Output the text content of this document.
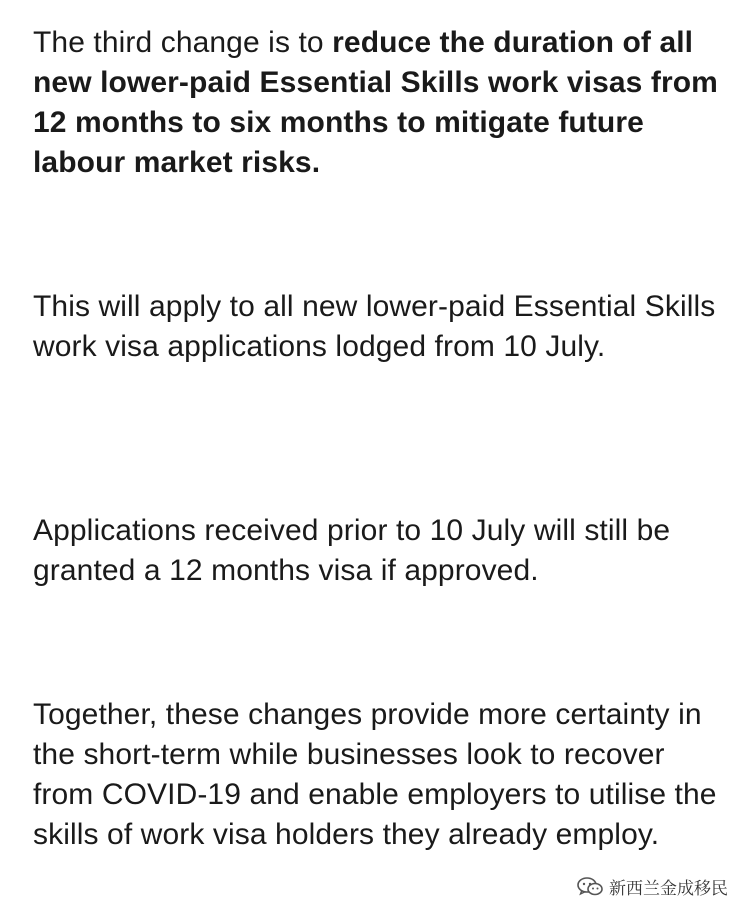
The third change is to reduce the duration of all new lower-paid Essential Skills work visas from 12 months to six months to mitigate future labour market risks.

This will apply to all new lower-paid Essential Skills work visa applications lodged from 10 July.

Applications received prior to 10 July will still be granted a 12 months visa if approved.

Together, these changes provide more certainty in the short-term while businesses look to recover from COVID-19 and enable employers to utilise the skills of work visa holders they already employ.

新西兰金成移民
